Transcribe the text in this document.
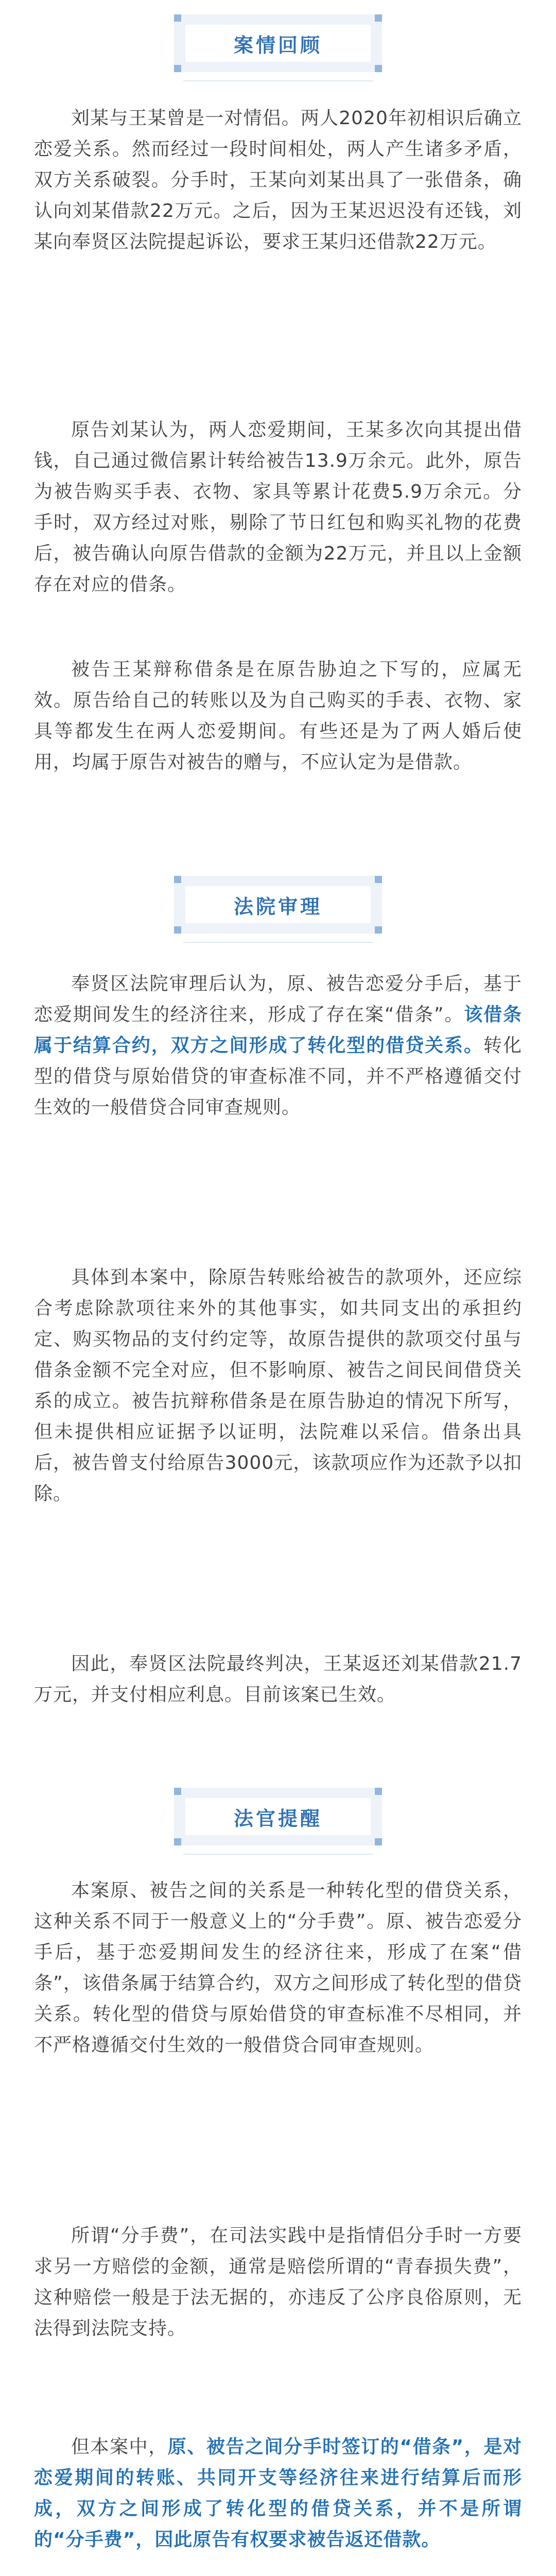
案情回顾

刘某与王某曾是一对情侣。两人2020年初相识后确立恋爱关系。然而经过一段时间相处，两人产生诸多矛盾，双方关系破裂。分手时，王某向刘某出具了一张借条，确认向刘某借款22万元。之后，因为王某迟迟没有还钱，刘某向奉贤区法院提起诉讼，要求王某归还借款22万元。

原告刘某认为，两人恋爱期间，王某多次向其提出借钱，自己通过微信累计转给被告13.9万余元。此外，原告为被告购买手表、衣物、家具等累计花费5.9万余元。分手时，双方经过对账，剔除了节日红包和购买礼物的花费后，被告确认向原告借款的金额为22万元，并且以上金额存在对应的借条。

被告王某辩称借条是在原告胁迫之下写的，应属无效。原告给自己的转账以及为自己购买的手表、衣物、家具等都发生在两人恋爱期间。有些还是为了两人婚后使用，均属于原告对被告的赠与，不应认定为是借款。

法院审理

奉贤区法院审理后认为，原、被告恋爱分手后，基于恋爱期间发生的经济往来，形成了存在案“借条”。该借条属于结算合约，双方之间形成了转化型的借贷关系。转化型的借贷与原始借贷的审查标准不同，并不严格遵循交付生效的一般借贷合同审查规则。

具体到本案中，除原告转账给被告的款项外，还应综合考虑除款项往来外的其他事实，如共同支出的承担约定、购买物品的支付约定等，故原告提供的款项交付虽与借条金额不完全对应，但不影响原、被告之间民间借贷关系的成立。被告抗辩称借条是在原告胁迫的情况下所写，但未提供相应证据予以证明，法院难以采信。借条出具后，被告曾支付给原告3000元，该款项应作为还款予以扣除。

因此，奉贤区法院最终判决，王某返还刘某借款21.7万元，并支付相应利息。目前该案已生效。

法官提醒

本案原、被告之间的关系是一种转化型的借贷关系，这种关系不同于一般意义上的“分手费”。原、被告恋爱分手后，基于恋爱期间发生的经济往来，形成了在案“借条”，该借条属于结算合约，双方之间形成了转化型的借贷关系。转化型的借贷与原始借贷的审查标准不尽相同，并不严格遵循交付生效的一般借贷合同审查规则。

所谓“分手费”，在司法实践中是指情侣分手时一方要求另一方赔偿的金额，通常是赔偿所谓的“青春损失费”，这种赔偿一般是于法无据的，亦违反了公序良俗原则，无法得到法院支持。

但本案中，原、被告之间分手时签订的“借条”，是对恋爱期间的转账、共同开支等经济往来进行结算后而形成，双方之间形成了转化型的借贷关系，并不是所谓的“分手费”，因此原告有权要求被告返还借款。
